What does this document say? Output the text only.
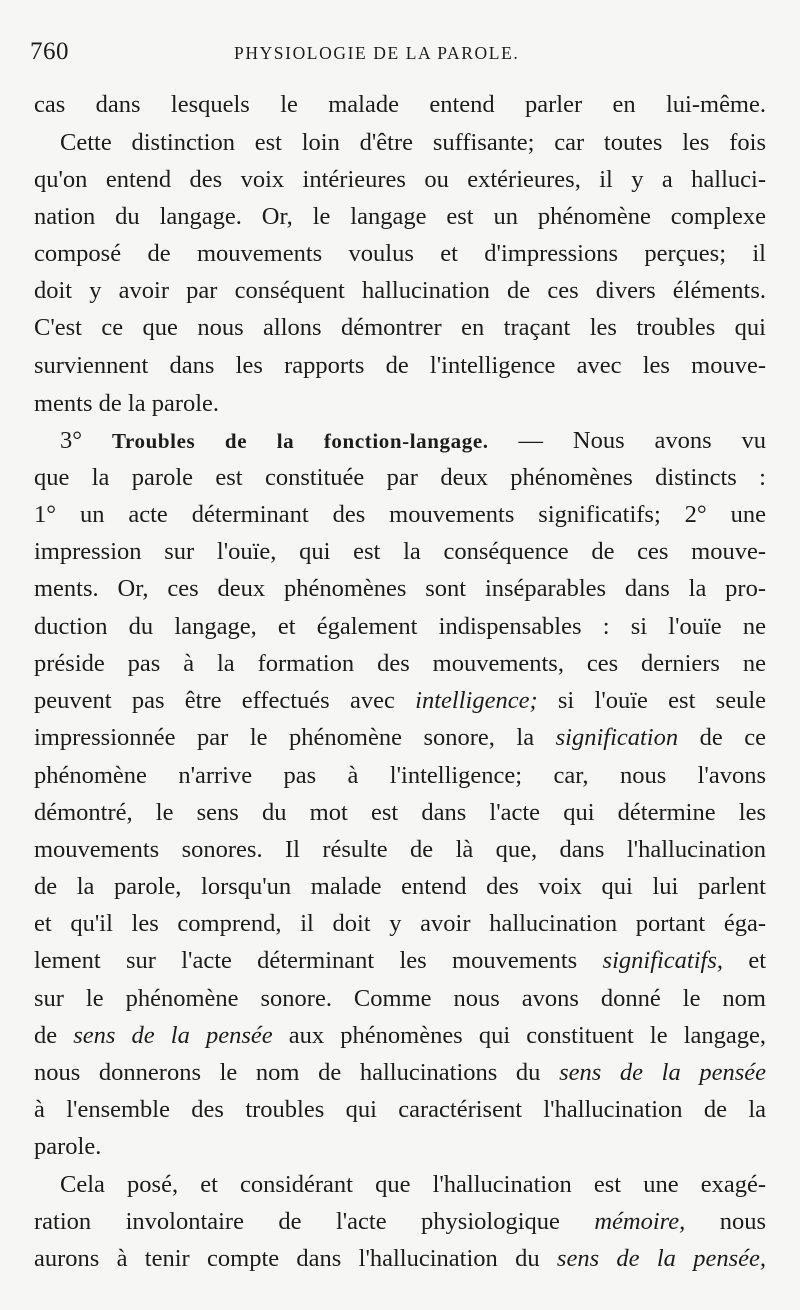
760	PHYSIOLOGIE DE LA PAROLE.
cas dans lesquels le malade entend parler en lui-même.
Cette distinction est loin d'être suffisante; car toutes les fois
qu'on entend des voix intérieures ou extérieures, il y a halluci-
nation du langage. Or, le langage est un phénomène complexe
composé de mouvements voulus et d'impressions perçues; il
doit y avoir par conséquent hallucination de ces divers éléments.
C'est ce que nous allons démontrer en traçant les troubles qui
surviennent dans les rapports de l'intelligence avec les mouve-
ments de la parole.
3° Troubles de la fonction-langage. — Nous avons vu
que la parole est constituée par deux phénomènes distincts :
1° un acte déterminant des mouvements significatifs; 2° une
impression sur l'ouïe, qui est la conséquence de ces mouve-
ments. Or, ces deux phénomènes sont inséparables dans la pro-
duction du langage, et également indispensables : si l'ouïe ne
préside pas à la formation des mouvements, ces derniers ne
peuvent pas être effectués avec intelligence; si l'ouïe est seule
impressionnée par le phénomène sonore, la signification de ce
phénomène n'arrive pas à l'intelligence; car, nous l'avons
démontré, le sens du mot est dans l'acte qui détermine les
mouvements sonores. Il résulte de là que, dans l'hallucination
de la parole, lorsqu'un malade entend des voix qui lui parlent
et qu'il les comprend, il doit y avoir hallucination portant éga-
lement sur l'acte déterminant les mouvements significatifs, et
sur le phénomène sonore. Comme nous avons donné le nom
de sens de la pensée aux phénomènes qui constituent le langage,
nous donnerons le nom de hallucinations du sens de la pensée
à l'ensemble des troubles qui caractérisent l'hallucination de la
parole.
Cela posé, et considérant que l'hallucination est une exagé-
ration involontaire de l'acte physiologique mémoire, nous
aurons à tenir compte dans l'hallucination du sens de la pensée,
